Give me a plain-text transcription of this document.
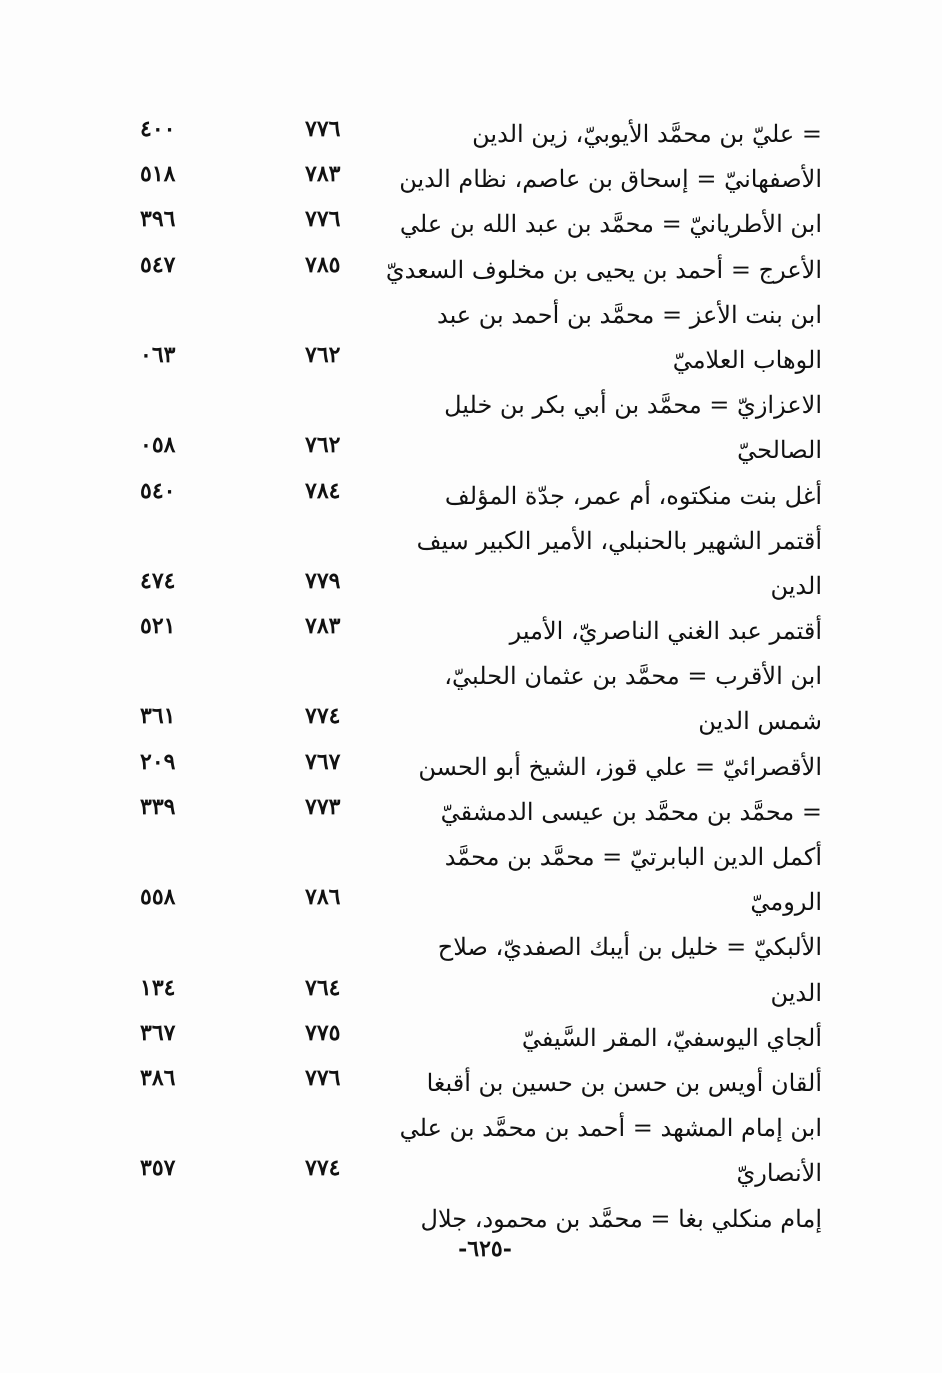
= عليّ بن محمَّد الأيوبيّ، زين الدين
٧٧٦
٤٠٠
الأصفهانيّ = إسحاق بن عاصم، نظام الدين
٧٨٣
٥١٨
ابن الأطريانيّ = محمَّد بن عبد الله بن علي
٧٧٦
٣٩٦
الأعرج = أحمد بن يحيى بن مخلوف السعديّ
٧٨٥
٥٤٧
ابن بنت الأعز = محمَّد بن أحمد بن عبد
الوهاب العلاميّ
٧٦٢
٠٦٣
الاعزازيّ = محمَّد بن أبي بكر بن خليل
الصالحيّ
٧٦٢
٠٥٨
أغل بنت منكتوه، أم عمر، جدّة المؤلف
٧٨٤
٥٤٠
أقتمر الشهير بالحنبلي، الأمير الكبير سيف
الدين
٧٧٩
٤٧٤
أقتمر عبد الغني الناصريّ، الأمير
٧٨٣
٥٢١
ابن الأقرب = محمَّد بن عثمان الحلبيّ،
شمس الدين
٧٧٤
٣٦١
الأقصرائيّ = علي قوز، الشيخ أبو الحسن
٧٦٧
٢٠٩
= محمَّد بن محمَّد بن عيسى الدمشقيّ
٧٧٣
٣٣٩
أكمل الدين البابرتيّ = محمَّد بن محمَّد
الروميّ
٧٨٦
٥٥٨
الألبكيّ = خليل بن أيبك الصفديّ، صلاح
الدين
٧٦٤
١٣٤
ألجاي اليوسفيّ، المقر السَّيفيّ
٧٧٥
٣٦٧
ألقان أويس بن حسن بن حسين بن أقبغا
٧٧٦
٣٨٦
ابن إمام المشهد = أحمد بن محمَّد بن علي
الأنصاريّ
٧٧٤
٣٥٧
إمام منكلي بغا = محمَّد بن محمود، جلال
-٦٢٥-
